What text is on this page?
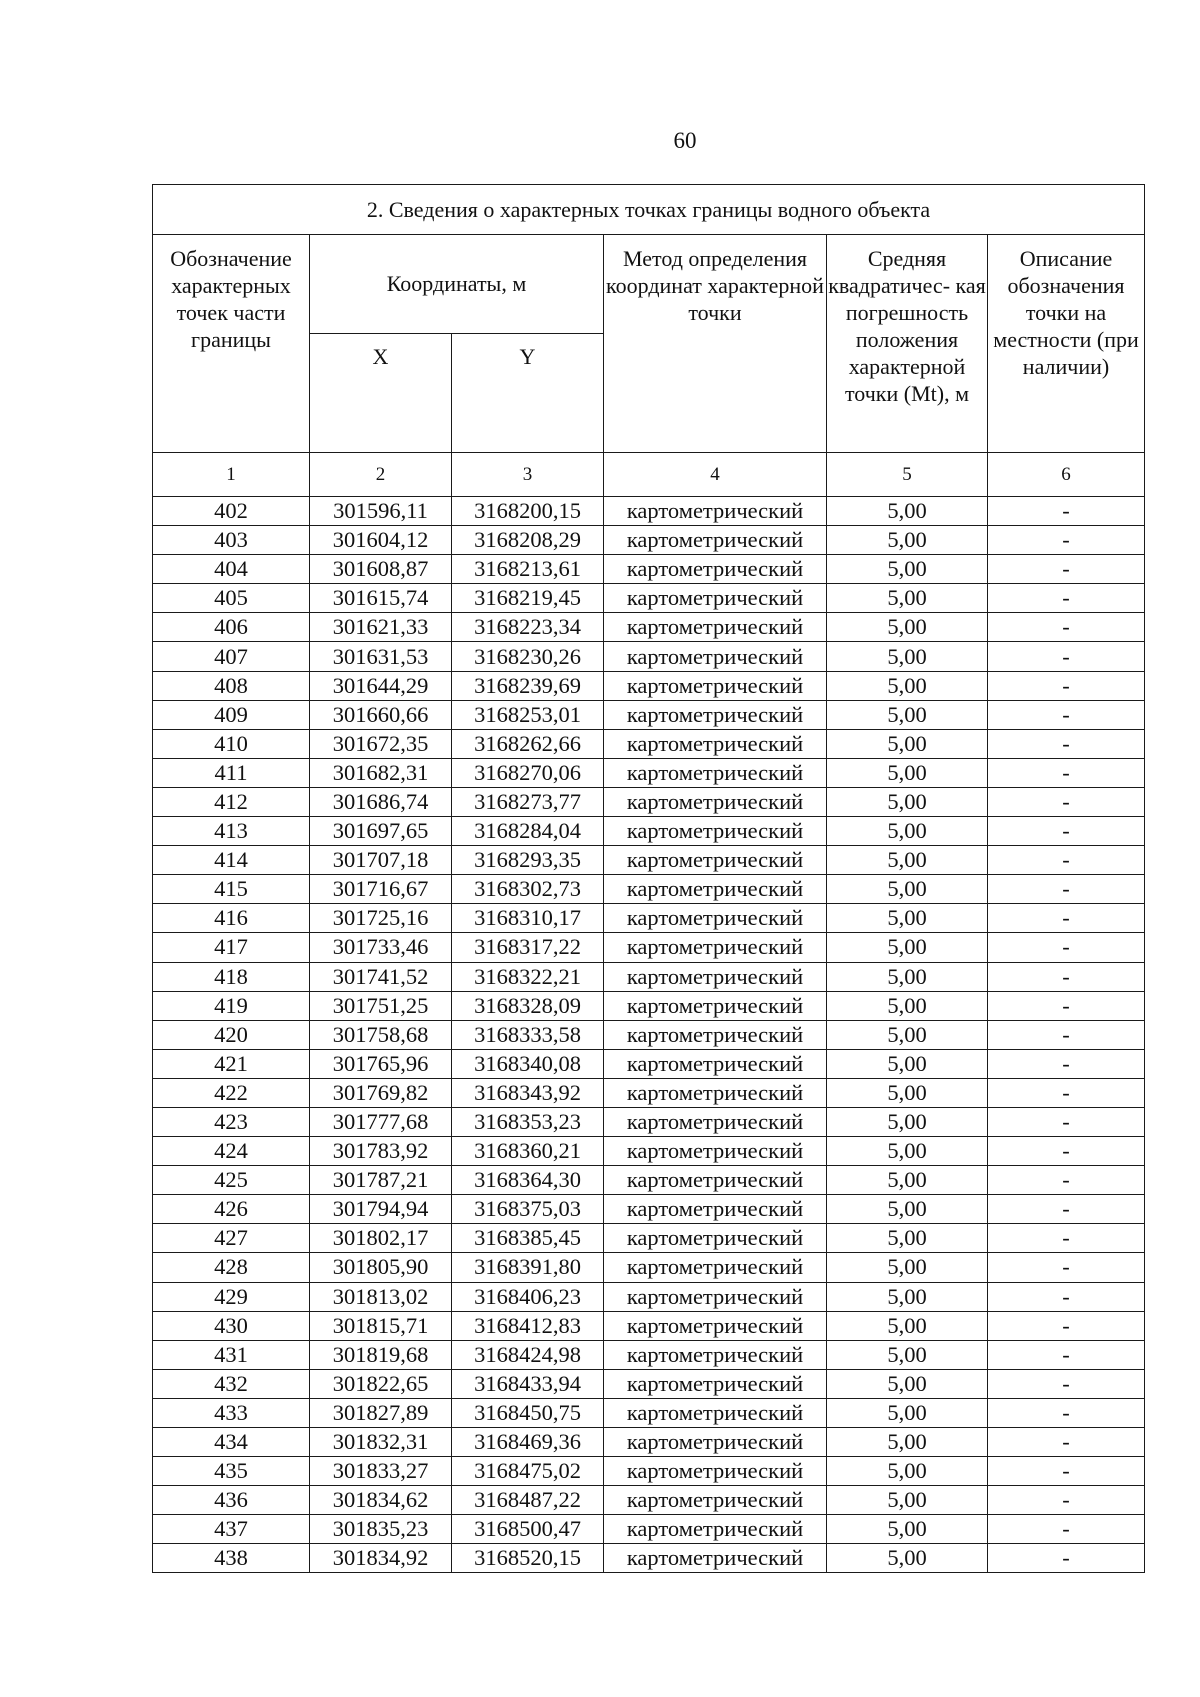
60
2. Сведения о характерных точках границы водного объекта					
Обозначение характерных точек части границы	Координаты, м		Метод определения координат характерной точки	Средняя квадратичес- кая погрешность положения характерной точки (Mt), м	Описание обозначения точки на местности (при наличии)
	X	Y			
1	2	3	4	5	6
402	301596,11	3168200,15	картометрический	5,00	-
403	301604,12	3168208,29	картометрический	5,00	-
404	301608,87	3168213,61	картометрический	5,00	-
405	301615,74	3168219,45	картометрический	5,00	-
406	301621,33	3168223,34	картометрический	5,00	-
407	301631,53	3168230,26	картометрический	5,00	-
408	301644,29	3168239,69	картометрический	5,00	-
409	301660,66	3168253,01	картометрический	5,00	-
410	301672,35	3168262,66	картометрический	5,00	-
411	301682,31	3168270,06	картометрический	5,00	-
412	301686,74	3168273,77	картометрический	5,00	-
413	301697,65	3168284,04	картометрический	5,00	-
414	301707,18	3168293,35	картометрический	5,00	-
415	301716,67	3168302,73	картометрический	5,00	-
416	301725,16	3168310,17	картометрический	5,00	-
417	301733,46	3168317,22	картометрический	5,00	-
418	301741,52	3168322,21	картометрический	5,00	-
419	301751,25	3168328,09	картометрический	5,00	-
420	301758,68	3168333,58	картометрический	5,00	-
421	301765,96	3168340,08	картометрический	5,00	-
422	301769,82	3168343,92	картометрический	5,00	-
423	301777,68	3168353,23	картометрический	5,00	-
424	301783,92	3168360,21	картометрический	5,00	-
425	301787,21	3168364,30	картометрический	5,00	-
426	301794,94	3168375,03	картометрический	5,00	-
427	301802,17	3168385,45	картометрический	5,00	-
428	301805,90	3168391,80	картометрический	5,00	-
429	301813,02	3168406,23	картометрический	5,00	-
430	301815,71	3168412,83	картометрический	5,00	-
431	301819,68	3168424,98	картометрический	5,00	-
432	301822,65	3168433,94	картометрический	5,00	-
433	301827,89	3168450,75	картометрический	5,00	-
434	301832,31	3168469,36	картометрический	5,00	-
435	301833,27	3168475,02	картометрический	5,00	-
436	301834,62	3168487,22	картометрический	5,00	-
437	301835,23	3168500,47	картометрический	5,00	-
438	301834,92	3168520,15	картометрический	5,00	-
